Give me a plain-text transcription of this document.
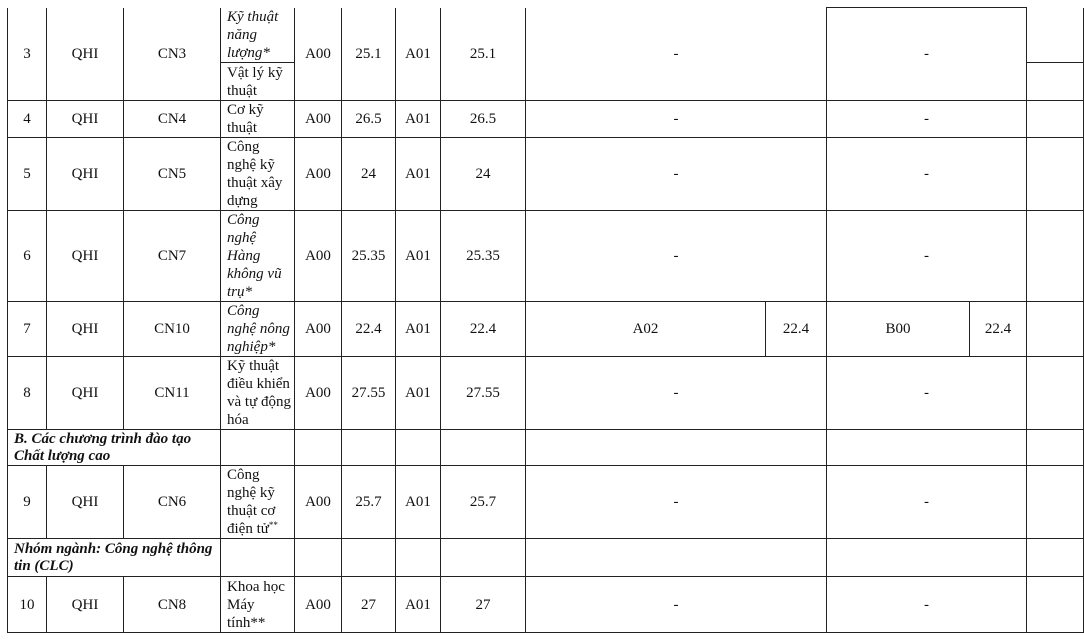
3	QHI	CN3	Kỹ thuật năng lượng*	A00	25.1	A01	25.1	-		-		
			Vật lý kỹ thuật									
4	QHI	CN4	Cơ kỹ thuật	A00	26.5	A01	26.5	-		-		
5	QHI	CN5	Công nghệ kỹ thuật xây dựng	A00	24	A01	24	-		-		
6	QHI	CN7	Công nghệ Hàng không vũ trụ*	A00	25.35	A01	25.35	-		-		
7	QHI	CN10	Công nghệ nông nghiệp*	A00	22.4	A01	22.4	A02	22.4	B00	22.4	
8	QHI	CN11	Kỹ thuật điều khiển và tự động hóa	A00	27.55	A01	27.55	-		-		
B. Các chương trình đào tạo Chất lượng cao												
9	QHI	CN6	Công nghệ kỹ thuật cơ điện tử**	A00	25.7	A01	25.7	-		-		
Nhóm ngành: Công nghệ thông tin (CLC)												
10	QHI	CN8	Khoa học Máy tính**	A00	27	A01	27	-		-		
